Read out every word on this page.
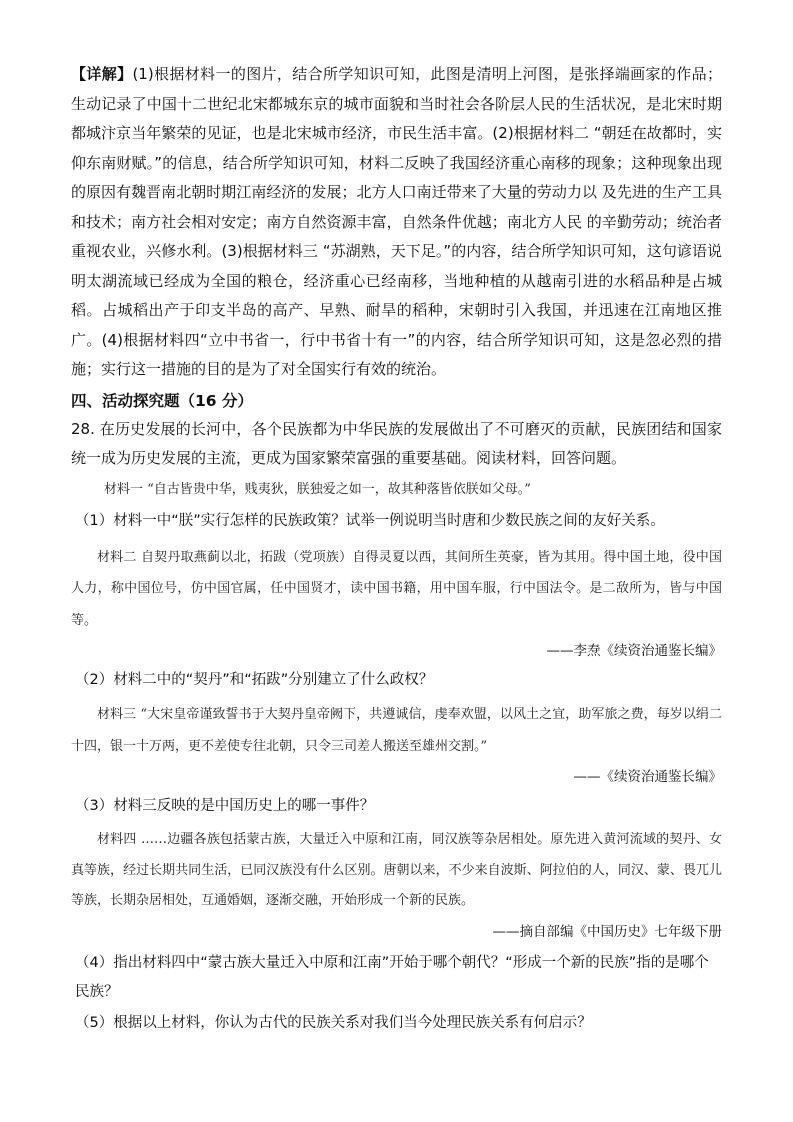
【详解】(1)根据材料一的图片，结合所学知识可知，此图是清明上河图，是张择端画家的作品；生动记录了中国十二世纪北宋都城东京的城市面貌和当时社会各阶层人民的生活状况，是北宋时期都城汴京当年繁荣的见证，也是北宋城市经济，市民生活丰富。(2)根据材料二 “朝廷在故都时，实仰东南财赋。”的信息，结合所学知识可知，材料二反映了我国经济重心南移的现象；这种现象出现的原因有魏晋南北朝时期江南经济的发展；北方人口南迁带来了大量的劳动力以 及先进的生产工具和技术；南方社会相对安定；南方自然资源丰富，自然条件优越；南北方人民 的辛勤劳动；统治者重视农业，兴修水利。(3)根据材料三 “苏湖熟，天下足。”的内容，结合所学知识可知，这句谚语说明太湖流域已经成为全国的粮仓，经济重心已经南移，当地种植的从越南引进的水稻品种是占城稻。占城稻出产于印支半岛的高产、早熟、耐旱的稻种，宋朝时引入我国，并迅速在江南地区推广。(4)根据材料四“立中书省一，行中书省十有一”的内容，结合所学知识可知，这是忽必烈的措施；实行这一措施的目的是为了对全国实行有效的统治。

四、活动探究题（16 分）

28. 在历史发展的长河中，各个民族都为中华民族的发展做出了不可磨灭的贡献，民族团结和国家统一成为历史发展的主流，更成为国家繁荣富强的重要基础。阅读材料，回答问题。

材料一 “自古皆贵中华，贱夷狄，朕独爱之如一，故其种落皆依朕如父母。”

（1）材料一中“朕”实行怎样的民族政策？试举一例说明当时唐和少数民族之间的友好关系。

材料二 自契丹取燕蓟以北，拓跋（党项族）自得灵夏以西，其间所生英豪，皆为其用。得中国土地，役中国人力，称中国位号，仿中国官属，任中国贤才，读中国书籍，用中国车服，行中国法令。是二敌所为，皆与中国等。

——李焘《续资治通鉴长编》

（2）材料二中的“契丹”和“拓跋”分别建立了什么政权？

材料三 “大宋皇帝谨致誓书于大契丹皇帝阙下，共遵诚信，虔奉欢盟，以风土之宜，助军旅之费，每岁以绢二十四，银一十万两，更不差使专往北朝，只令三司差人搬送至雄州交割。”

——《续资治通鉴长编》

（3）材料三反映的是中国历史上的哪一事件？

材料四 ……边疆各族包括蒙古族，大量迁入中原和江南，同汉族等杂居相处。原先进入黄河流域的契丹、女真等族，经过长期共同生活，已同汉族没有什么区别。唐朝以来，不少来自波斯、阿拉伯的人，同汉、蒙、畏兀儿等族，长期杂居相处，互通婚姻，逐渐交融，开始形成一个新的民族。

——摘自部编《中国历史》七年级下册

（4）指出材料四中“蒙古族大量迁入中原和江南”开始于哪个朝代？“形成一个新的民族”指的是哪个民族？

（5）根据以上材料，你认为古代的民族关系对我们当今处理民族关系有何启示？
